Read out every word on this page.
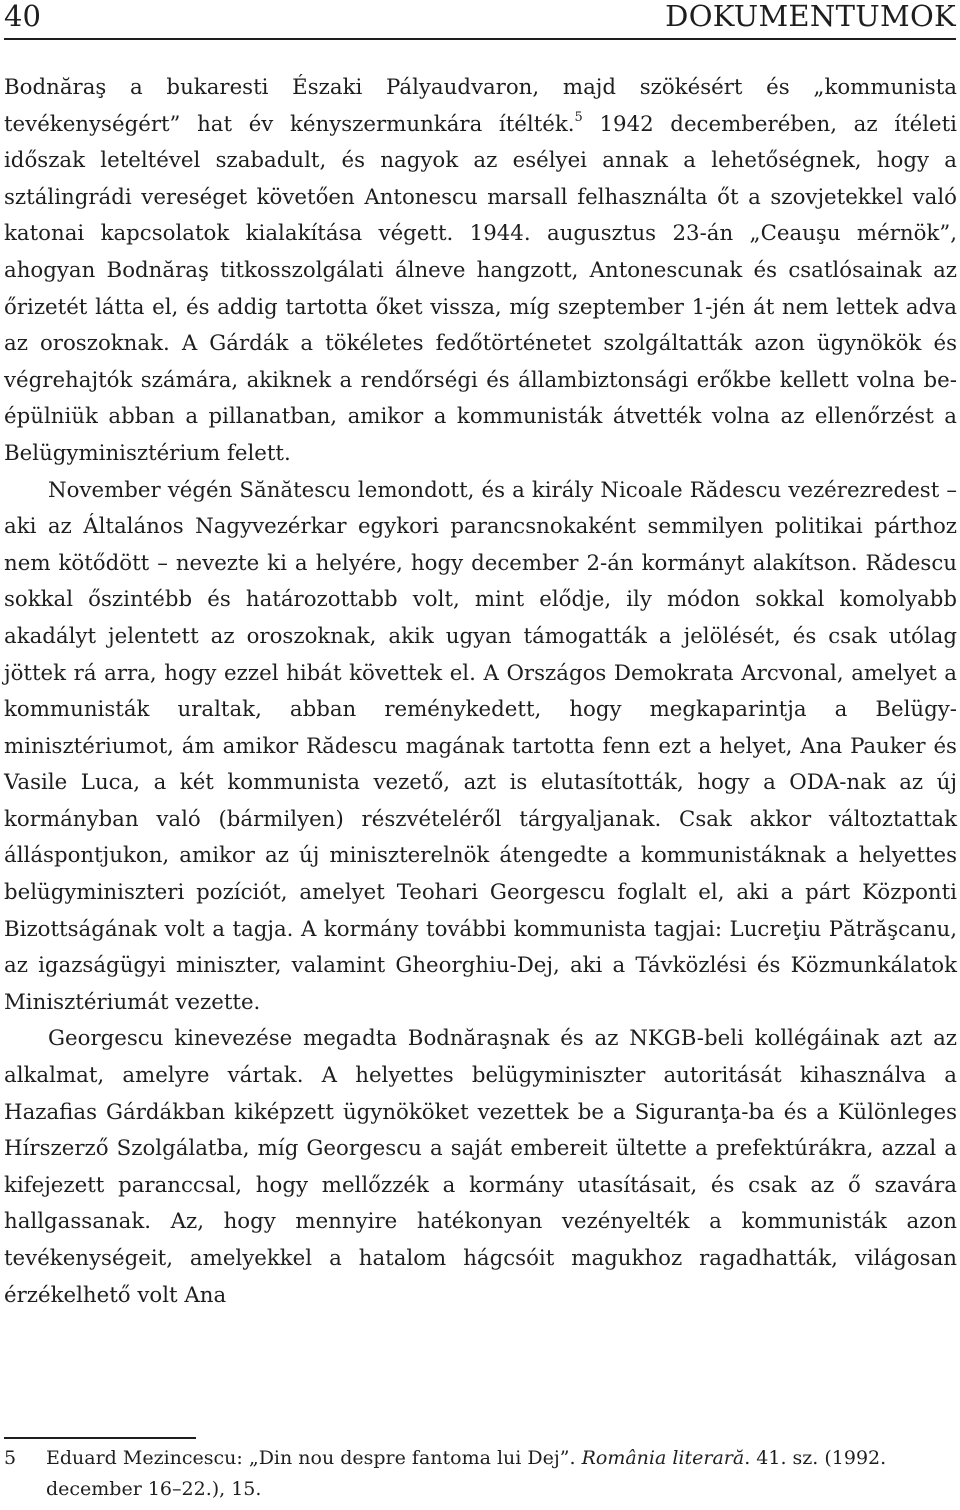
40	DOKUMENTUMOK

Bodnăraş a bukaresti Északi Pályaudvaron, majd szökésért és „kommunista tevékenységért” hat év kényszermunkára ítélték.$^5$ 1942 decemberében, az ítéleti időszak leteltével szabadult, és nagyok az esélyei annak a lehetőségnek, hogy a sztálingrádi vereséget követően Antonescu marsall felhasználta őt a szovjetekkel való katonai kapcsolatok kialakítása végett. 1944. augusztus 23-án „Ceauşu mérnök”, ahogyan Bodnăraş titkosszolgálati álneve hangzott, Antonescunak és csatlósainak az őrizetét látta el, és addig tartotta őket vissza, míg szeptember 1-jén át nem lettek adva az oroszoknak. A Gárdák a tökéletes fedőtörténetet szolgáltatták azon ügynökök és végrehajtók számára, akiknek a rendőrségi és állambiztonsági erőkbe kellett volna beépülniük abban a pillanatban, amikor a kommunisták átvették volna az ellenőrzést a Belügyminisztérium felett.

November végén Sănătescu lemondott, és a király Nicoale Rădescu vezérezredest – aki az Általános Nagyvezérkar egykori parancsnokaként semmilyen politikai párthoz nem kötődött – nevezte ki a helyére, hogy december 2-án kormányt alakítson. Rădescu sokkal őszintébb és határozottabb volt, mint elődje, ily módon sokkal komolyabb akadályt jelentett az oroszoknak, akik ugyan támogatták a jelölését, és csak utólag jöttek rá arra, hogy ezzel hibát követtek el. A Országos Demokrata Arcvonal, amelyet a kommunisták uraltak, abban reménykedett, hogy megkaparintja a Belügyminisztériumot, ám amikor Rădescu magának tartotta fenn ezt a helyet, Ana Pauker és Vasile Luca, a két kommunista vezető, azt is elutasították, hogy a ODA-nak az új kormányban való (bármilyen) részvételéről tárgyaljanak. Csak akkor változtattak álláspontjukon, amikor az új miniszterelnök átengedte a kommunistáknak a helyettes belügyminiszteri pozíciót, amelyet Teohari Georgescu foglalt el, aki a párt Központi Bizottságának volt a tagja. A kormány további kommunista tagjai: Lucreţiu Pătrăşcanu, az igazságügyi miniszter, valamint Gheorghiu-Dej, aki a Távközlési és Közmunkálatok Minisztériumát vezette.

Georgescu kinevezése megadta Bodnăraşnak és az NKGB-beli kollégáinak azt az alkalmat, amelyre vártak. A helyettes belügyminiszter autoritását kihasználva a Hazafias Gárdákban kiképzett ügynököket vezettek be a Siguranţa-ba és a Különleges Hírszerző Szolgálatba, míg Georgescu a saját embereit ültette a prefektúrákra, azzal a kifejezett paranccsal, hogy mellőzzék a kormány utasításait, és csak az ő szavára hallgassanak. Az, hogy mennyire hatékonyan vezényelték a kommunisták azon tevékenységeit, amelyekkel a hatalom hágcsóit magukhoz ragadhatták, világosan érzékelhető volt Ana

5 Eduard Mezincescu: „Din nou despre fantoma lui Dej”. România literară. 41. sz. (1992.
december 16–22.), 15.
